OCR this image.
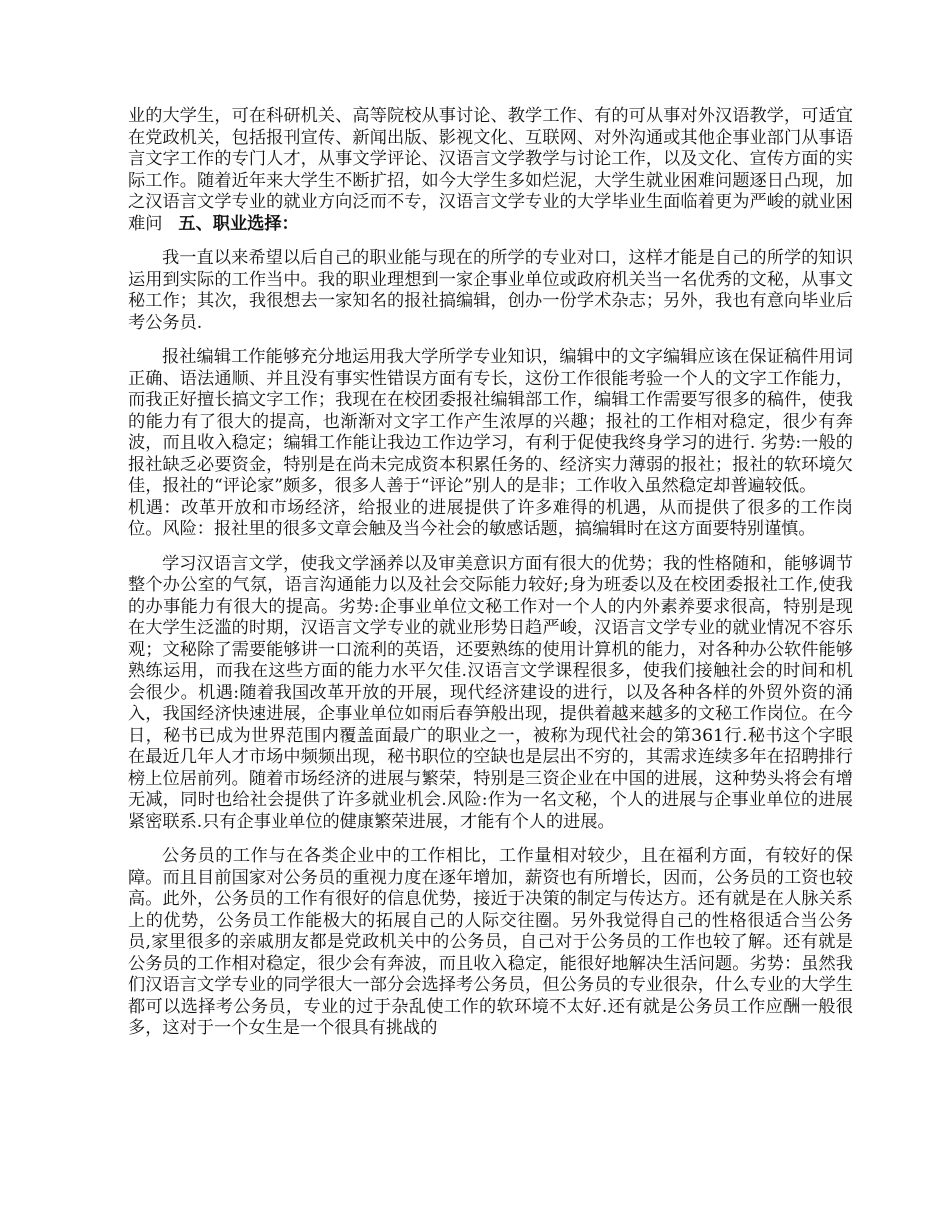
业的大学生，可在科研机关、高等院校从事讨论、教学工作、有的可从事对外汉语教学，可适宜在党政机关，包括报刊宣传、新闻出版、影视文化、互联网、对外沟通或其他企事业部门从事语言文字工作的专门人才，从事文学评论、汉语言文学教学与讨论工作，以及文化、宣传方面的实际工作。随着近年来大学生不断扩招，如今大学生多如烂泥，大学生就业困难问题逐日凸现，加之汉语言文学专业的就业方向泛而不专，汉语言文学专业的大学毕业生面临着更为严峻的就业困难问 五、职业选择：

我一直以来希望以后自己的职业能与现在的所学的专业对口，这样才能是自己的所学的知识运用到实际的工作当中。我的职业理想到一家企事业单位或政府机关当一名优秀的文秘，从事文秘工作；其次，我很想去一家知名的报社搞编辑，创办一份学术杂志；另外，我也有意向毕业后考公务员.

报社编辑工作能够充分地运用我大学所学专业知识，编辑中的文字编辑应该在保证稿件用词正确、语法通顺、并且没有事实性错误方面有专长，这份工作很能考验一个人的文字工作能力，而我正好擅长搞文字工作；我现在在校团委报社编辑部工作，编辑工作需要写很多的稿件，使我的能力有了很大的提高，也渐渐对文字工作产生浓厚的兴趣；报社的工作相对稳定，很少有奔波，而且收入稳定；编辑工作能让我边工作边学习，有利于促使我终身学习的进行. 劣势:一般的报社缺乏必要资金，特别是在尚未完成资本积累任务的、经济实力薄弱的报社；报社的软环境欠佳，报社的“评论家”颇多，很多人善于“评论”别人的是非；工作收入虽然稳定却普遍较低。

机遇：改革开放和市场经济，给报业的进展提供了许多难得的机遇，从而提供了很多的工作岗位。风险：报社里的很多文章会触及当今社会的敏感话题，搞编辑时在这方面要特别谨慎。

学习汉语言文学，使我文学涵养以及审美意识方面有很大的优势；我的性格随和，能够调节整个办公室的气氛，语言沟通能力以及社会交际能力较好;身为班委以及在校团委报社工作,使我的办事能力有很大的提高。劣势:企事业单位文秘工作对一个人的内外素养要求很高，特别是现在大学生泛滥的时期，汉语言文学专业的就业形势日趋严峻，汉语言文学专业的就业情况不容乐观；文秘除了需要能够讲一口流利的英语，还要熟练的使用计算机的能力，对各种办公软件能够熟练运用，而我在这些方面的能力水平欠佳.汉语言文学课程很多，使我们接触社会的时间和机会很少。机遇:随着我国改革开放的开展，现代经济建设的进行，以及各种各样的外贸外资的涌入，我国经济快速进展，企事业单位如雨后春笋般出现，提供着越来越多的文秘工作岗位。在今日，秘书已成为世界范围内覆盖面最广的职业之一，被称为现代社会的第361行.秘书这个字眼在最近几年人才市场中频频出现，秘书职位的空缺也是层出不穷的，其需求连续多年在招聘排行榜上位居前列。随着市场经济的进展与繁荣，特别是三资企业在中国的进展，这种势头将会有增无减，同时也给社会提供了许多就业机会.风险:作为一名文秘，个人的进展与企事业单位的进展紧密联系.只有企事业单位的健康繁荣进展，才能有个人的进展。

公务员的工作与在各类企业中的工作相比，工作量相对较少，且在福利方面，有较好的保障。而且目前国家对公务员的重视力度在逐年增加，薪资也有所增长，因而，公务员的工资也较高。此外，公务员的工作有很好的信息优势，接近于决策的制定与传达方。还有就是在人脉关系上的优势，公务员工作能极大的拓展自己的人际交往圈。另外我觉得自己的性格很适合当公务员,家里很多的亲戚朋友都是党政机关中的公务员，自己对于公务员的工作也较了解。还有就是公务员的工作相对稳定，很少会有奔波，而且收入稳定，能很好地解决生活问题。劣势：虽然我们汉语言文学专业的同学很大一部分会选择考公务员，但公务员的专业很杂，什么专业的大学生都可以选择考公务员，专业的过于杂乱使工作的软环境不太好.还有就是公务员工作应酬一般很多，这对于一个女生是一个很具有挑战的
